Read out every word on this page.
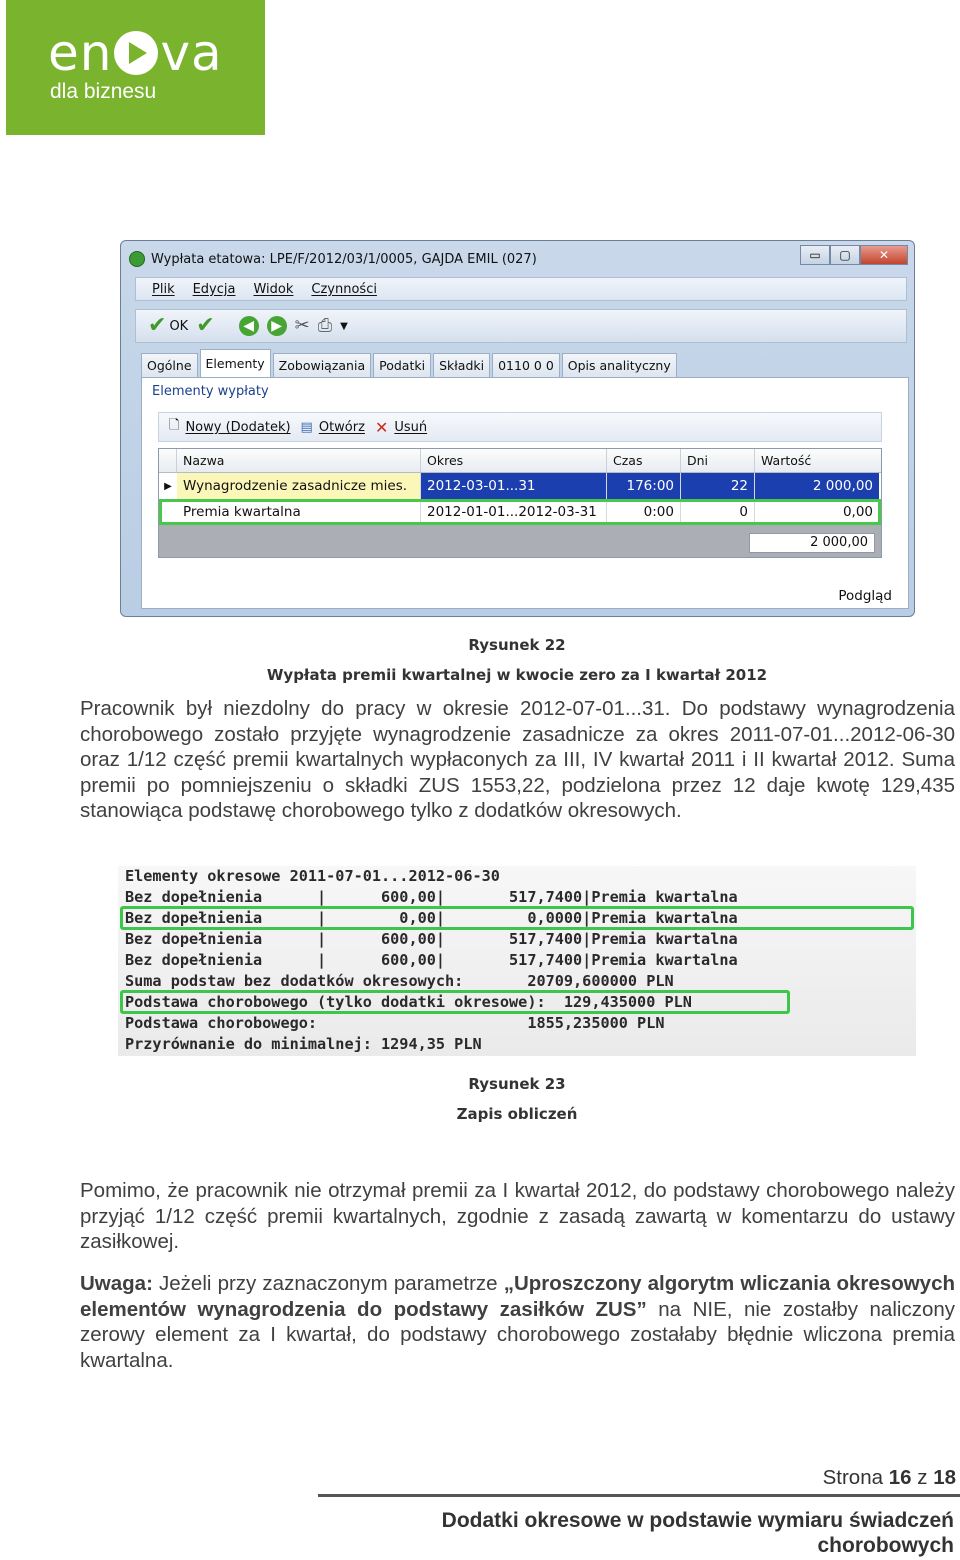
en va
dla biznesu
Wypłata etatowa: LPE/F/2012/03/1/0005, GAJDA EMIL (027)	▭	▢	✕
Plik Edycja Widok Czynności
✔ OK ✔	◀	▶ ✂ ⎙ ▼
Ogólne	Elementy	Zobowiązania	Podatki	Składki	0110 0 0	Opis analityczny
Elementy wypłaty
🗋 Nowy (Dodatek) ▤ Otwórz ✕ Usuń
Nazwa	Okres	Czas	Dni	Wartość
▶ Wynagrodzenie zasadnicze mies.	2012-03-01...31	176:00	22	2 000,00
Premia kwartalna	2012-01-01...2012-03-31	0:00	0	0,00
2 000,00
Podgląd
Rysunek 22
Wypłata premii kwartalnej w kwocie zero za I kwartał 2012

Pracownik był niezdolny do pracy w okresie 2012-07-01...31. Do podstawy wynagrodzenia chorobowego zostało przyjęte wynagrodzenie zasadnicze za okres 2011-07-01...2012-06-30 oraz 1/12 część premii kwartalnych wypłaconych za III, IV kwartał 2011 i II kwartał 2012. Suma premii po pomniejszeniu o składki ZUS 1553,22, podzielona przez 12 daje kwotę 129,435 stanowiąca podstawę chorobowego tylko z dodatków okresowych.

Elementy okresowe 2011-07-01...2012-06-30
Bez dopełnienia      |      600,00|       517,7400|Premia kwartalna
Bez dopełnienia      |        0,00|         0,0000|Premia kwartalna
Bez dopełnienia      |      600,00|       517,7400|Premia kwartalna
Bez dopełnienia      |      600,00|       517,7400|Premia kwartalna
Suma podstaw bez dodatków okresowych:       20709,600000 PLN
Podstawa chorobowego (tylko dodatki okresowe):  129,435000 PLN
Podstawa chorobowego:                       1855,235000 PLN
Przyrównanie do minimalnej: 1294,35 PLN
Rysunek 23
Zapis obliczeń

Pomimo, że pracownik nie otrzymał premii za I kwartał 2012, do podstawy chorobowego należy przyjąć 1/12 część premii kwartalnych, zgodnie z zasadą zawartą w komentarzu do ustawy zasiłkowej.

Uwaga: Jeżeli przy zaznaczonym parametrze „Uproszczony algorytm wliczania okresowych elementów wynagrodzenia do podstawy zasiłków ZUS” na NIE, nie zostałby naliczony zerowy element za I kwartał, do podstawy chorobowego zostałaby błędnie wliczona premia kwartalna.

Strona 16 z 18
Dodatki okresowe w podstawie wymiaru świadczeń chorobowych
